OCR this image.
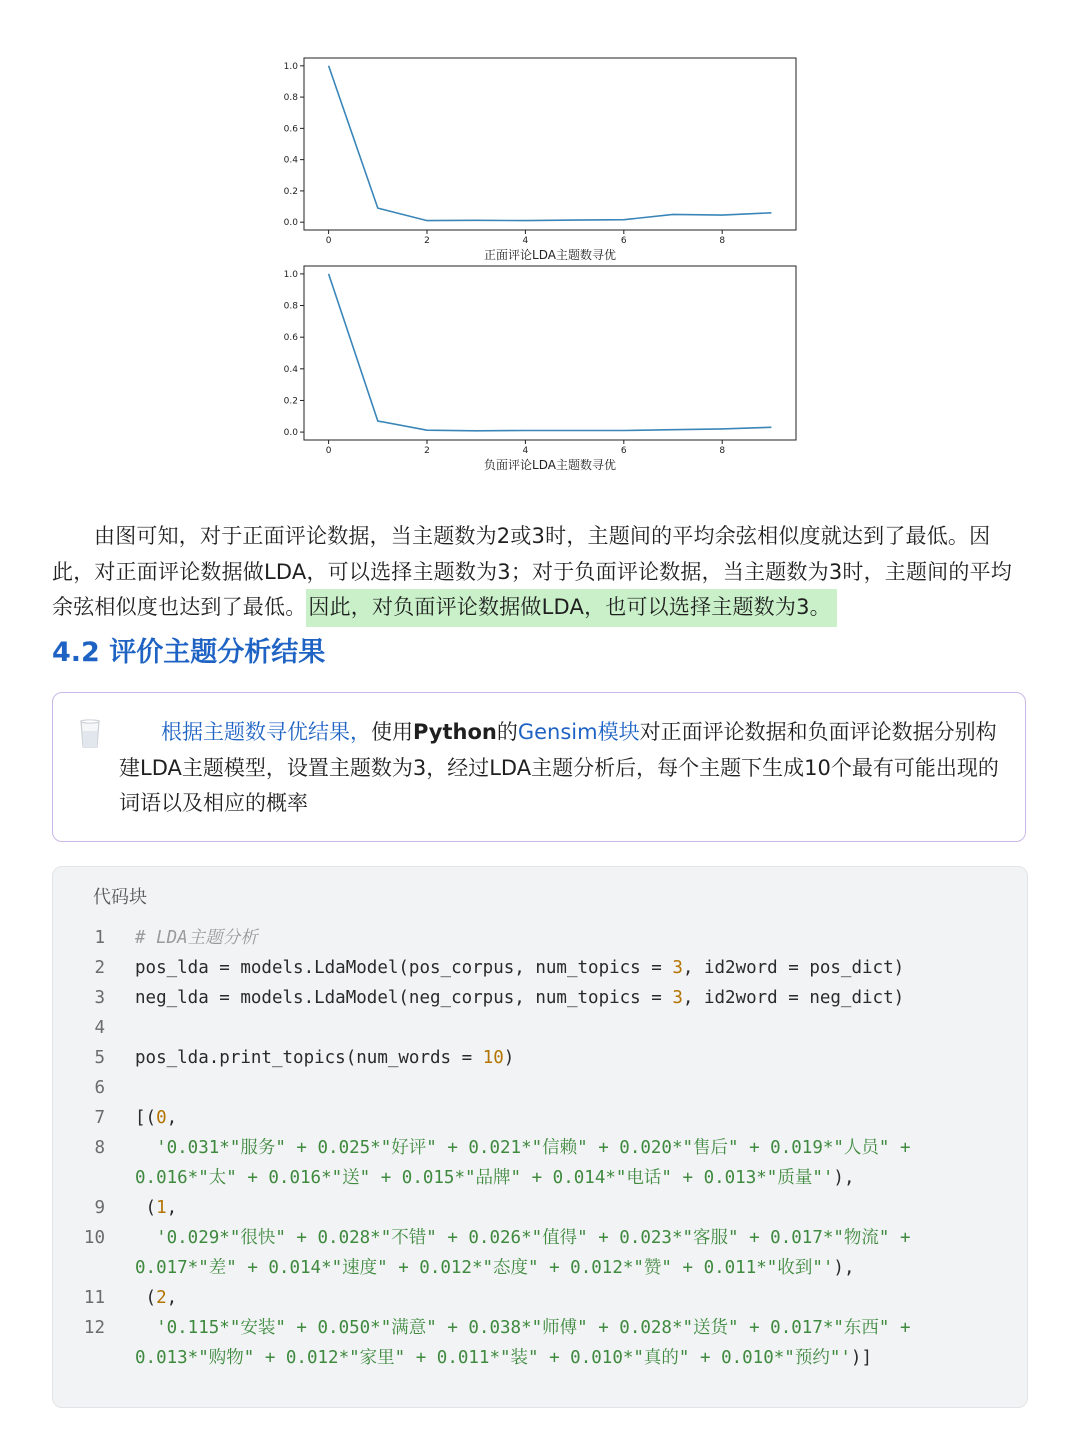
0.0
0.2
0.4
0.6
0.8
1.0
0	2	4	6	8
正面评论LDA主题数寻优
0.0
0.2
0.4
0.6
0.8
1.0
0	2	4	6	8
负面评论LDA主题数寻优

由图可知，对于正面评论数据，当主题数为2或3时，主题间的平均余弦相似度就达到了最低。因此，对正面评论数据做LDA，可以选择主题数为3；对于负面评论数据，当主题数为3时，主题间的平均余弦相似度也达到了最低。因此，对负面评论数据做LDA，也可以选择主题数为3。

4.2 评价主题分析结果
根据主题数寻优结果，使用Python的Gensim模块对正面评论数据和负面评论数据分别构建LDA主题模型，设置主题数为3，经过LDA主题分析后，每个主题下生成10个最有可能出现的词语以及相应的概率
代码块
1 # LDA主题分析
2 pos_lda = models.LdaModel(pos_corpus, num_topics = 3, id2word = pos_dict)
3 neg_lda = models.LdaModel(neg_corpus, num_topics = 3, id2word = neg_dict)
4
5 pos_lda.print_topics(num_words = 10)
6
7 [(0,
8 '0.031*"服务" + 0.025*"好评" + 0.021*"信赖" + 0.020*"售后" + 0.019*"人员" +
0.016*"太" + 0.016*"送" + 0.015*"品牌" + 0.014*"电话" + 0.013*"质量"'),
9 (1,
10 '0.029*"很快" + 0.028*"不错" + 0.026*"值得" + 0.023*"客服" + 0.017*"物流" +
0.017*"差" + 0.014*"速度" + 0.012*"态度" + 0.012*"赞" + 0.011*"收到"'),
11 (2,
12 '0.115*"安装" + 0.050*"满意" + 0.038*"师傅" + 0.028*"送货" + 0.017*"东西" +
0.013*"购物" + 0.012*"家里" + 0.011*"装" + 0.010*"真的" + 0.010*"预约"')]
